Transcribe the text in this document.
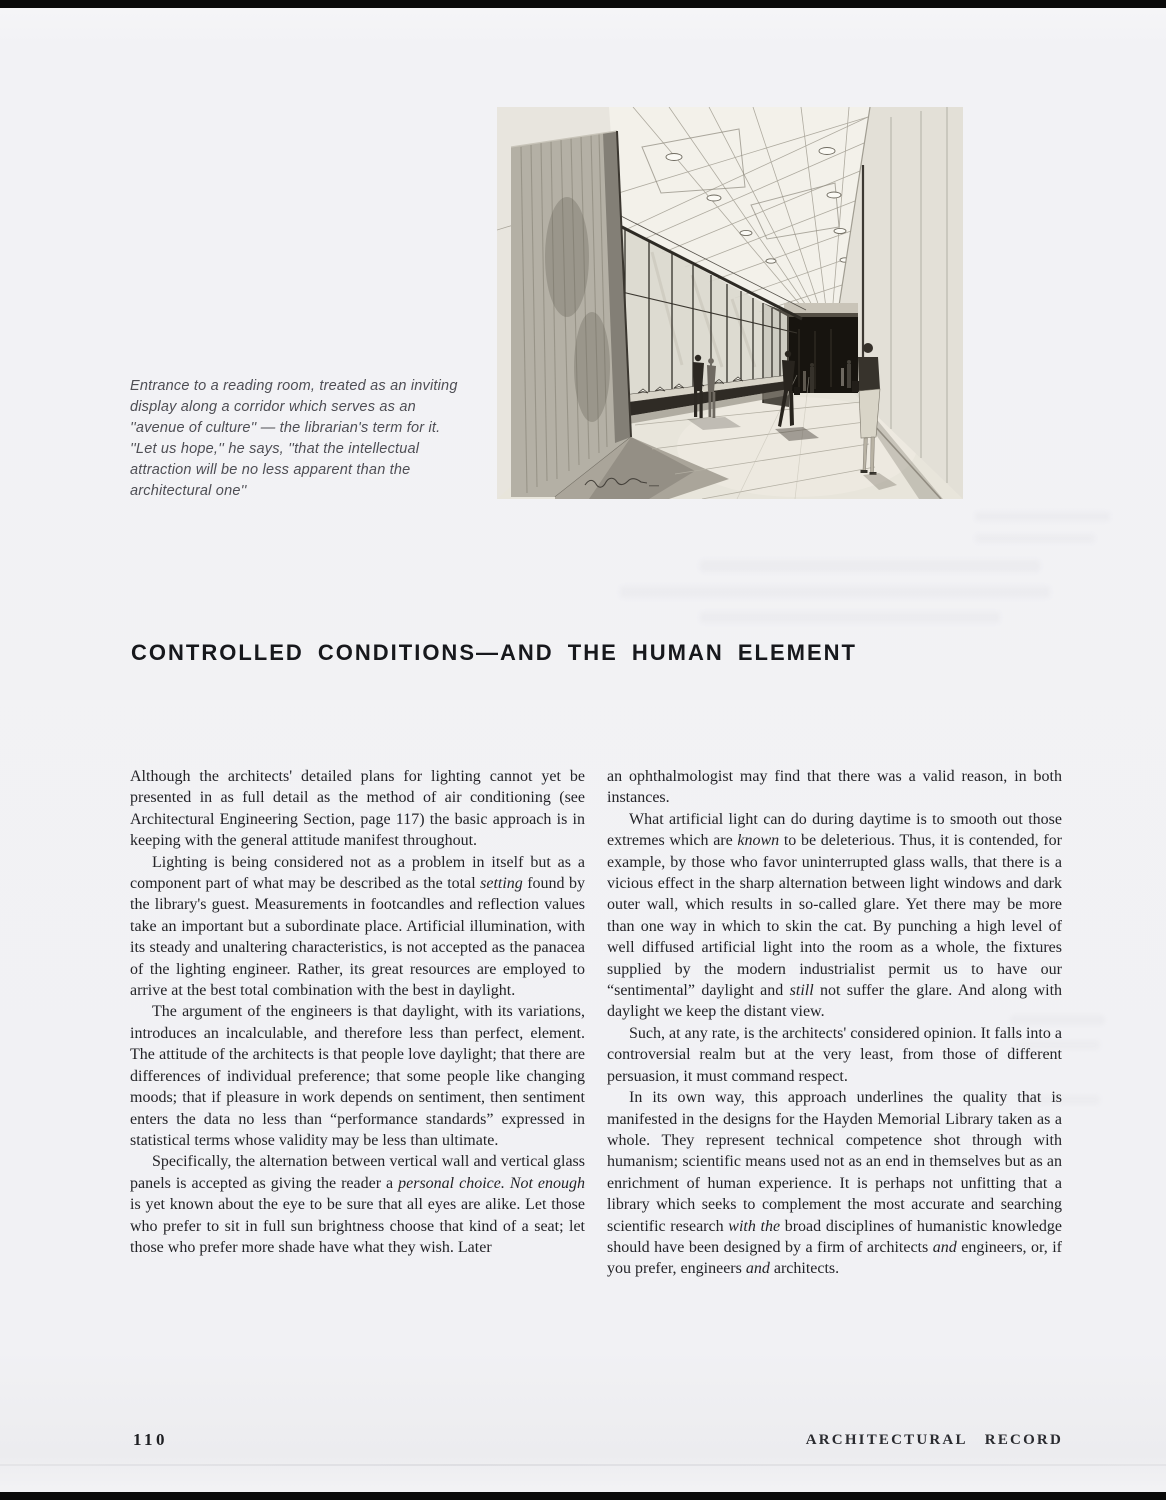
Entrance to a reading room, treated as an inviting display along a corridor which serves as an ''avenue of culture'' — the librarian's term for it. ''Let us hope,'' he says, ''that the intellectual attraction will be no less apparent than the architectural one''
CONTROLLED CONDITIONS—AND THE HUMAN ELEMENT

Although the architects' detailed plans for lighting cannot yet be presented in as full detail as the method of air conditioning (see Architectural Engineering Section, page 117) the basic approach is in keeping with the general attitude manifest throughout.

Lighting is being considered not as a problem in itself but as a component part of what may be described as the total setting found by the library's guest. Measurements in footcandles and reflection values take an important but a subordinate place. Artificial illumination, with its steady and unaltering characteristics, is not accepted as the panacea of the lighting engineer. Rather, its great resources are employed to arrive at the best total combination with the best in daylight.

The argument of the engineers is that daylight, with its variations, introduces an incalculable, and therefore less than perfect, element. The attitude of the architects is that people love daylight; that there are differences of individual preference; that some people like changing moods; that if pleasure in work depends on sentiment, then sentiment enters the data no less than “performance standards” expressed in statistical terms whose validity may be less than ultimate.

Specifically, the alternation between vertical wall and vertical glass panels is accepted as giving the reader a personal choice. Not enough is yet known about the eye to be sure that all eyes are alike. Let those who prefer to sit in full sun brightness choose that kind of a seat; let those who prefer more shade have what they wish. Later

an ophthalmologist may find that there was a valid reason, in both instances.

What artificial light can do during daytime is to smooth out those extremes which are known to be deleterious. Thus, it is contended, for example, by those who favor uninterrupted glass walls, that there is a vicious effect in the sharp alternation between light windows and dark outer wall, which results in so-called glare. Yet there may be more than one way in which to skin the cat. By punching a high level of well diffused artificial light into the room as a whole, the fixtures supplied by the modern industrialist permit us to have our “sentimental” daylight and still not suffer the glare. And along with daylight we keep the distant view.

Such, at any rate, is the architects' considered opinion. It falls into a controversial realm but at the very least, from those of different persuasion, it must command respect.

In its own way, this approach underlines the quality that is manifested in the designs for the Hayden Memorial Library taken as a whole. They represent technical competence shot through with humanism; scientific means used not as an end in themselves but as an enrichment of human experience. It is perhaps not unfitting that a library which seeks to complement the most accurate and searching scientific research with the broad disciplines of humanistic knowledge should have been designed by a firm of architects and engineers, or, if you prefer, engineers and architects.

110	ARCHITECTURAL RECORD
